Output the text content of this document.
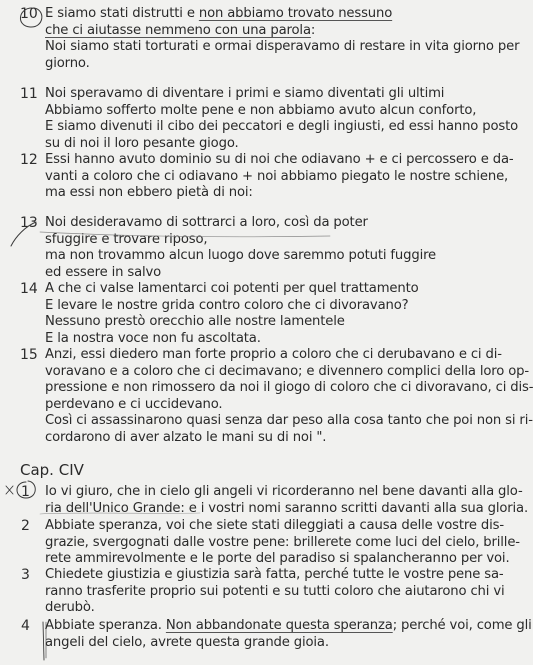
10 E siamo stati distrutti e non abbiamo trovato nessuno
che ci aiutasse nemmeno con una parola:
Noi siamo stati torturati e ormai disperavamo di restare in vita giorno per
giorno.
11 Noi speravamo di diventare i primi e siamo diventati gli ultimi
Abbiamo sofferto molte pene e non abbiamo avuto alcun conforto,
E siamo divenuti il cibo dei peccatori e degli ingiusti, ed essi hanno posto
su di noi il loro pesante giogo.
12 Essi hanno avuto dominio su di noi che odiavano + e ci percossero e da-
vanti a coloro che ci odiavano + noi abbiamo piegato le nostre schiene,
ma essi non ebbero pietà di noi:
13 Noi desideravamo di sottrarci a loro, così da poter
sfuggire e trovare riposo,
ma non trovammo alcun luogo dove saremmo potuti fuggire
ed essere in salvo
14 A che ci valse lamentarci coi potenti per quel trattamento
E levare le nostre grida contro coloro che ci divoravano?
Nessuno prestò orecchio alle nostre lamentele
E la nostra voce non fu ascoltata.
15 Anzi, essi diedero man forte proprio a coloro che ci derubavano e ci di-
voravano e a coloro che ci decimavano; e divennero complici della loro op-
pressione e non rimossero da noi il giogo di coloro che ci divoravano, ci dis-
perdevano e ci uccidevano.
Così ci assassinarono quasi senza dar peso alla cosa tanto che poi non si ri-
cordarono di aver alzato le mani su di noi ".
Cap. CIV
1	Io vi giuro, che in cielo gli angeli vi ricorderanno nel bene davanti alla glo-
ria dell'Unico Grande: e i vostri nomi saranno scritti davanti alla sua gloria.
2	Abbiate speranza, voi che siete stati dileggiati a causa delle vostre dis-
grazie, svergognati dalle vostre pene: brillerete come luci del cielo, brille-
rete ammirevolmente e le porte del paradiso si spalancheranno per voi.
3	Chiedete giustizia e giustizia sarà fatta, perché tutte le vostre pene sa-
ranno trasferite proprio sui potenti e su tutti coloro che aiutarono chi vi
derubò.
4	Abbiate speranza. Non abbandonate questa speranza; perché voi, come gli
angeli del cielo, avrete questa grande gioia.
